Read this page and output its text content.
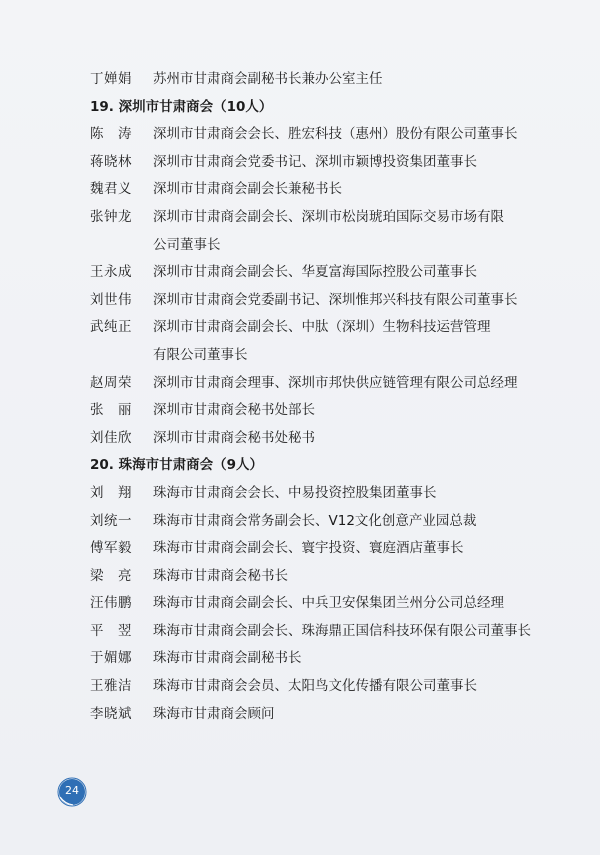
丁婵娟	苏州市甘肃商会副秘书长兼办公室主任
19. 深圳市甘肃商会（10人）
陈　涛	深圳市甘肃商会会长、胜宏科技（惠州）股份有限公司董事长
蒋晓林	深圳市甘肃商会党委书记、深圳市颖博投资集团董事长
魏君义	深圳市甘肃商会副会长兼秘书长
张钟龙	深圳市甘肃商会副会长、深圳市松岗琥珀国际交易市场有限
公司董事长
王永成	深圳市甘肃商会副会长、华夏富海国际控股公司董事长
刘世伟	深圳市甘肃商会党委副书记、深圳惟邦兴科技有限公司董事长
武纯正	深圳市甘肃商会副会长、中肽（深圳）生物科技运营管理
有限公司董事长
赵周荣	深圳市甘肃商会理事、深圳市邦快供应链管理有限公司总经理
张　丽	深圳市甘肃商会秘书处部长
刘佳欣	深圳市甘肃商会秘书处秘书
20. 珠海市甘肃商会（9人）
刘　翔	珠海市甘肃商会会长、中易投资控股集团董事长
刘统一	珠海市甘肃商会常务副会长、V12文化创意产业园总裁
傅军毅	珠海市甘肃商会副会长、寰宇投资、寰庭酒店董事长
梁　亮	珠海市甘肃商会秘书长
汪伟鹏	珠海市甘肃商会副会长、中兵卫安保集团兰州分公司总经理
平　翌	珠海市甘肃商会副会长、珠海鼎正国信科技环保有限公司董事长
于媚娜	珠海市甘肃商会副秘书长
王雅洁	珠海市甘肃商会会员、太阳鸟文化传播有限公司董事长
李晓斌	珠海市甘肃商会顾问
24
